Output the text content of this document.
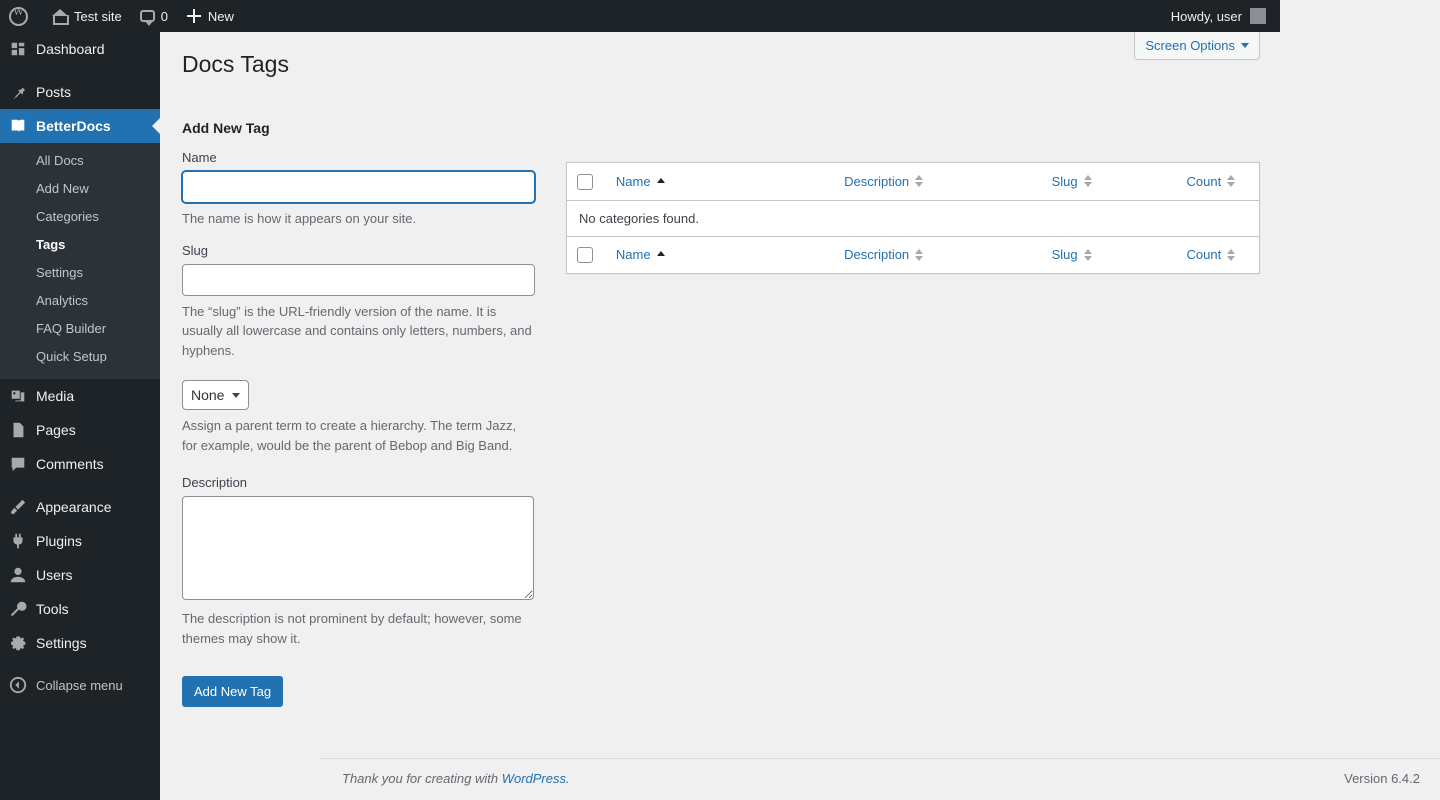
W
Test site	0	New	Howdy, user
Dashboard
Posts
BetterDocs
All Docs
Add New
Categories
Tags
Settings
Analytics
FAQ Builder
Quick Setup
Media
Pages
Comments
Appearance
Plugins
Users
Tools
Settings
Collapse menu
Screen Options
Docs Tags
Add New Tag
Name

The name is how it appears on your site.

Slug

The “slug” is the URL-friendly version of the name. It is usually all lowercase and contains only letters, numbers, and hyphens.

None

Assign a parent term to create a hierarchy. The term Jazz, for example, would be the parent of Bebop and Big Band.

Description

The description is not prominent by default; however, some themes may show it.

Add New Tag

	Name	Description	Slug	Count

No categories found.				

	Name	Description	Slug	Count
Thank you for creating with WordPress.	Version 6.4.2
